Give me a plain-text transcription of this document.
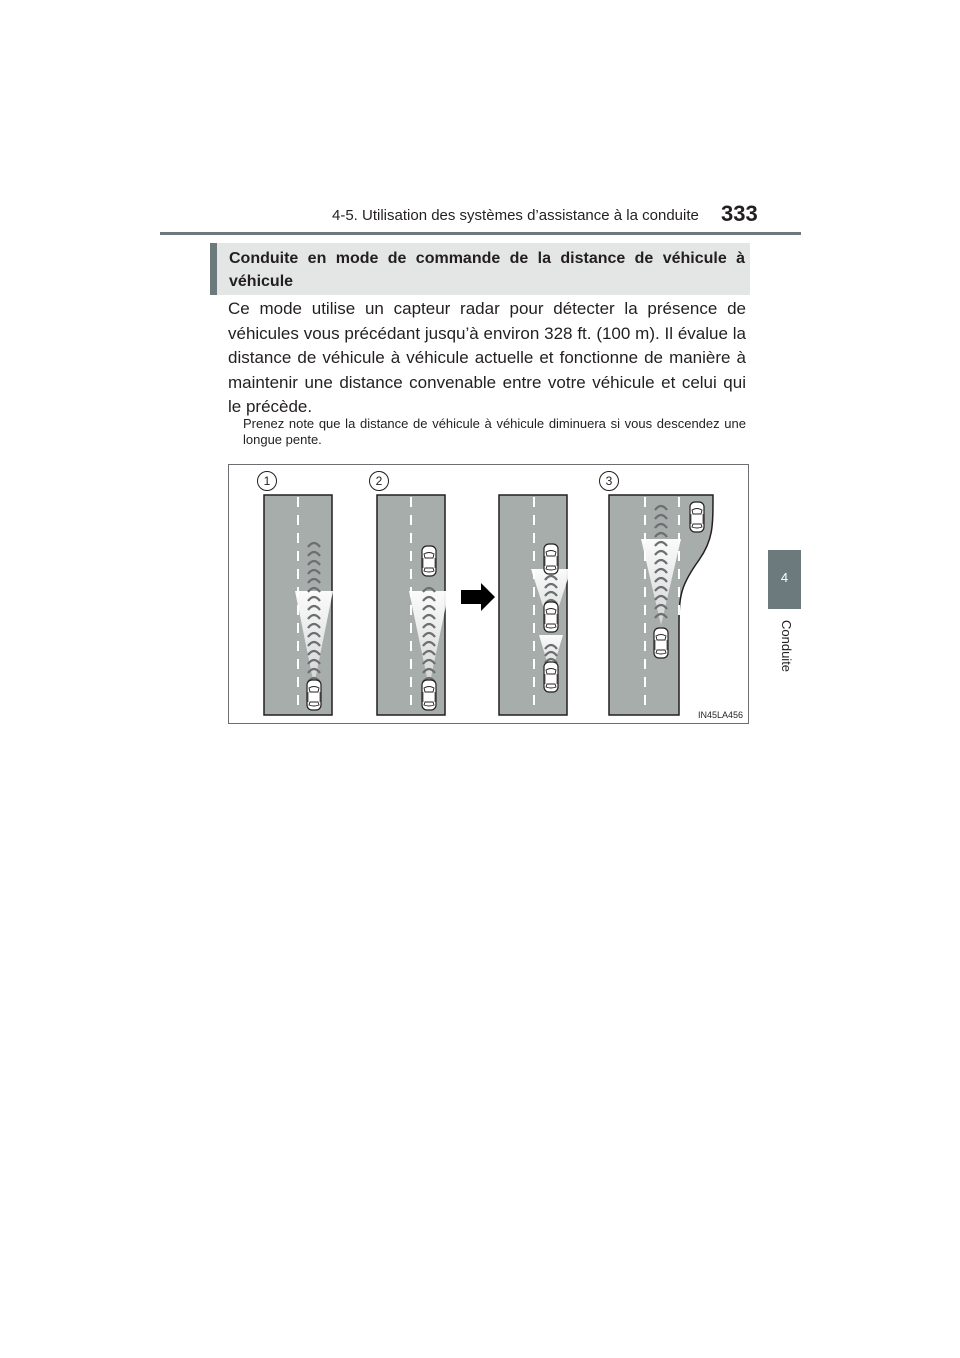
4-5. Utilisation des systèmes d’assistance à la conduite 333
4
Conduite
Conduite en mode de commande de la distance de véhicule à véhicule

Ce mode utilise un capteur radar pour détecter la présence de véhicules vous précédant jusqu’à environ 328 ft. (100 m). Il évalue la distance de véhicule à véhicule actuelle et fonctionne de manière à maintenir une distance convenable entre votre véhicule et celui qui le précède.

Prenez note que la distance de véhicule à véhicule diminuera si vous descendez une longue pente.

1	2	3
IN45LA456
